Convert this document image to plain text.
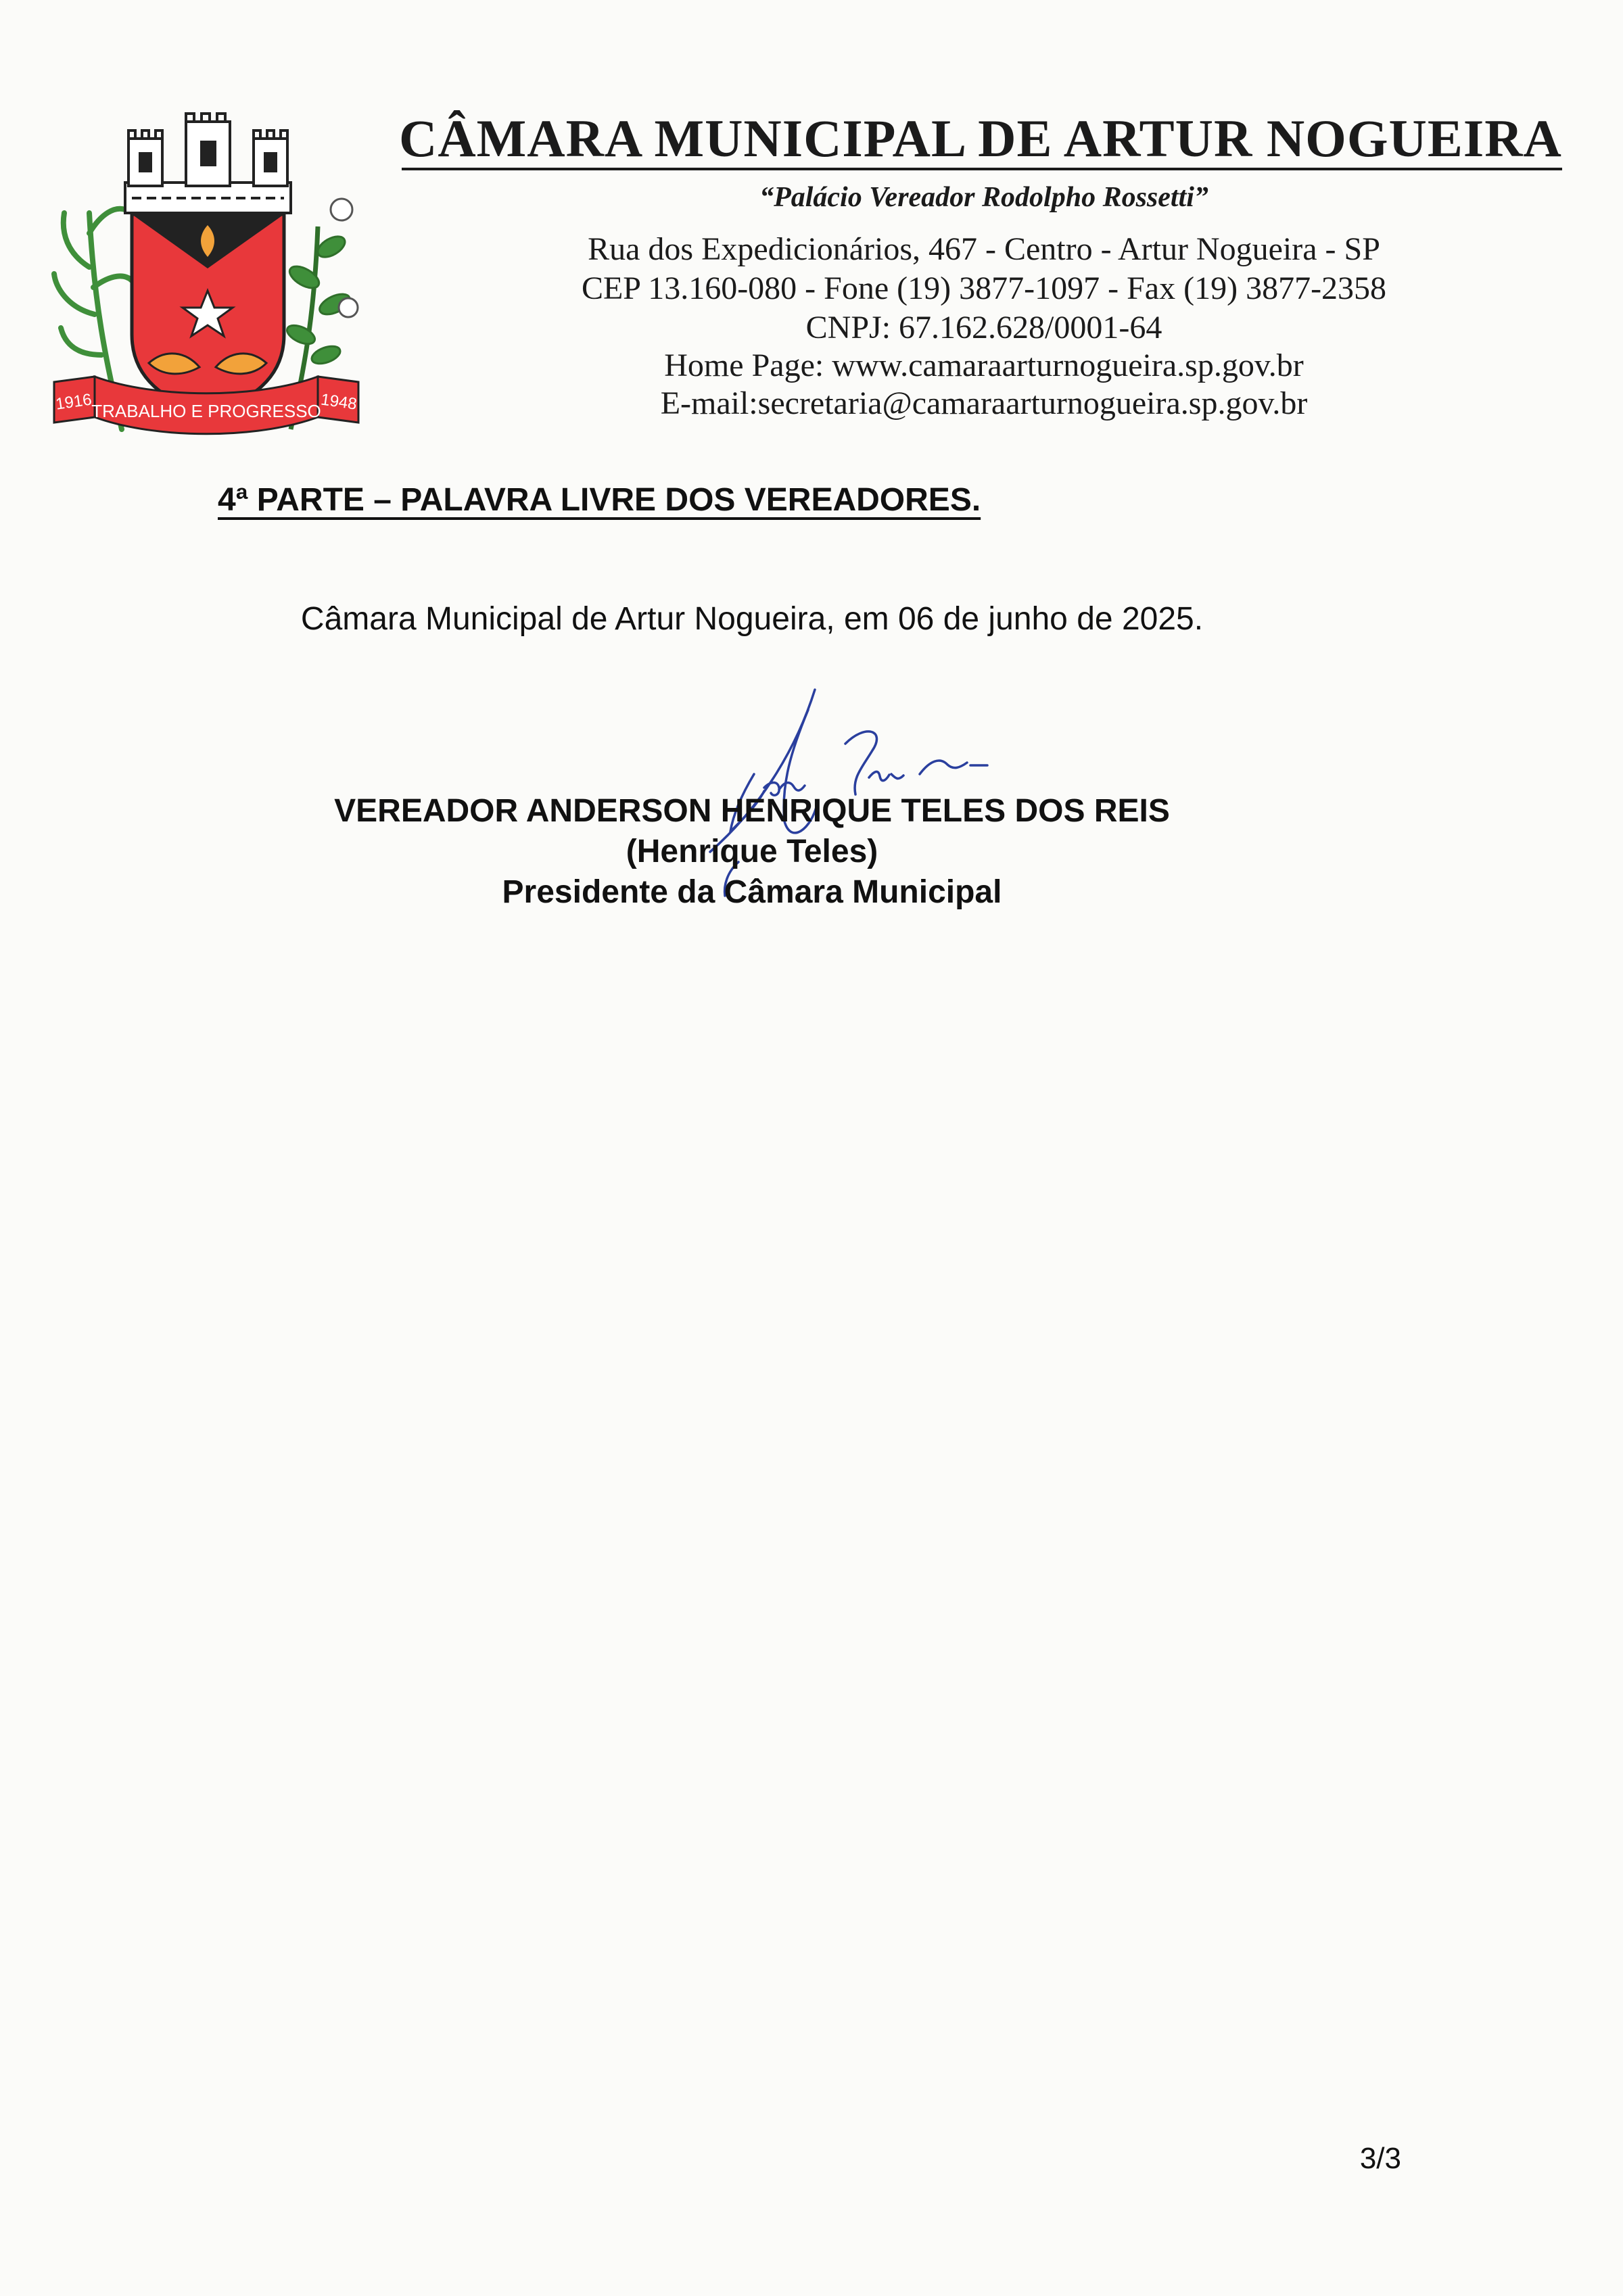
1916
TRABALHO E PROGRESSO
1948
CÂMARA MUNICIPAL DE ARTUR NOGUEIRA
“Palácio Vereador Rodolpho Rossetti”
Rua dos Expedicionários, 467 - Centro - Artur Nogueira - SP
CEP 13.160-080 - Fone (19) 3877-1097 - Fax (19) 3877-2358
CNPJ: 67.162.628/0001-64
Home Page: www.camaraarturnogueira.sp.gov.br
E-mail:secretaria@camaraarturnogueira.sp.gov.br
4ª PARTE – PALAVRA LIVRE DOS VEREADORES.
Câmara Municipal de Artur Nogueira, em 06 de junho de 2025.
VEREADOR ANDERSON HENRIQUE TELES DOS REIS
(Henrique Teles)
Presidente da Câmara Municipal
3/3
